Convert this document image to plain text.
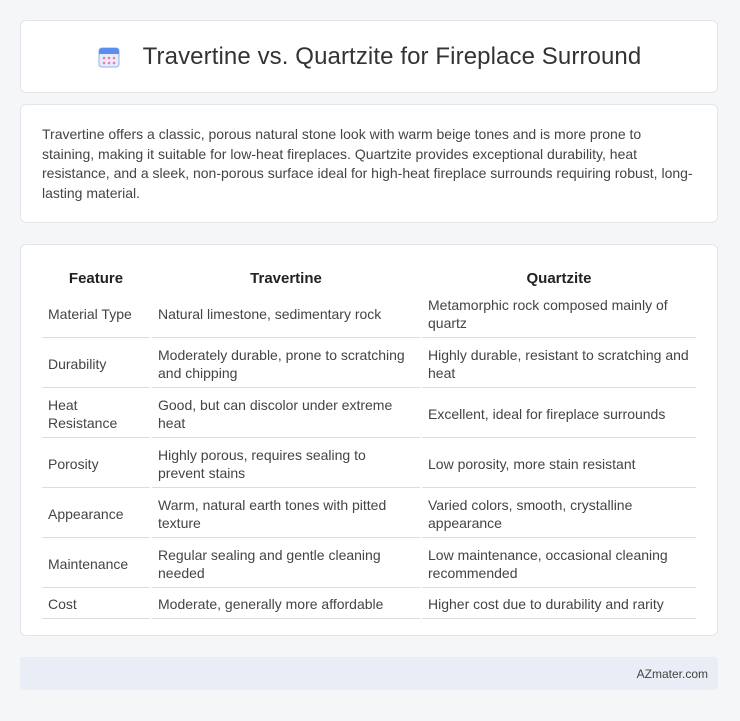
Travertine vs. Quartzite for Fireplace Surround

Travertine offers a classic, porous natural stone look with warm beige tones and is more prone to staining, making it suitable for low-heat fireplaces. Quartzite provides exceptional durability, heat resistance, and a sleek, non-porous surface ideal for high-heat fireplace surrounds requiring robust, long-lasting material.

Feature	Travertine	Quartzite
Material Type	Natural limestone, sedimentary rock	Metamorphic rock composed mainly of quartz
Durability	Moderately durable, prone to scratching and chipping	Highly durable, resistant to scratching and heat
Heat Resistance	Good, but can discolor under extreme heat	Excellent, ideal for fireplace surrounds
Porosity	Highly porous, requires sealing to prevent stains	Low porosity, more stain resistant
Appearance	Warm, natural earth tones with pitted texture	Varied colors, smooth, crystalline appearance
Maintenance	Regular sealing and gentle cleaning needed	Low maintenance, occasional cleaning recommended
Cost	Moderate, generally more affordable	Higher cost due to durability and rarity
AZmater.com
